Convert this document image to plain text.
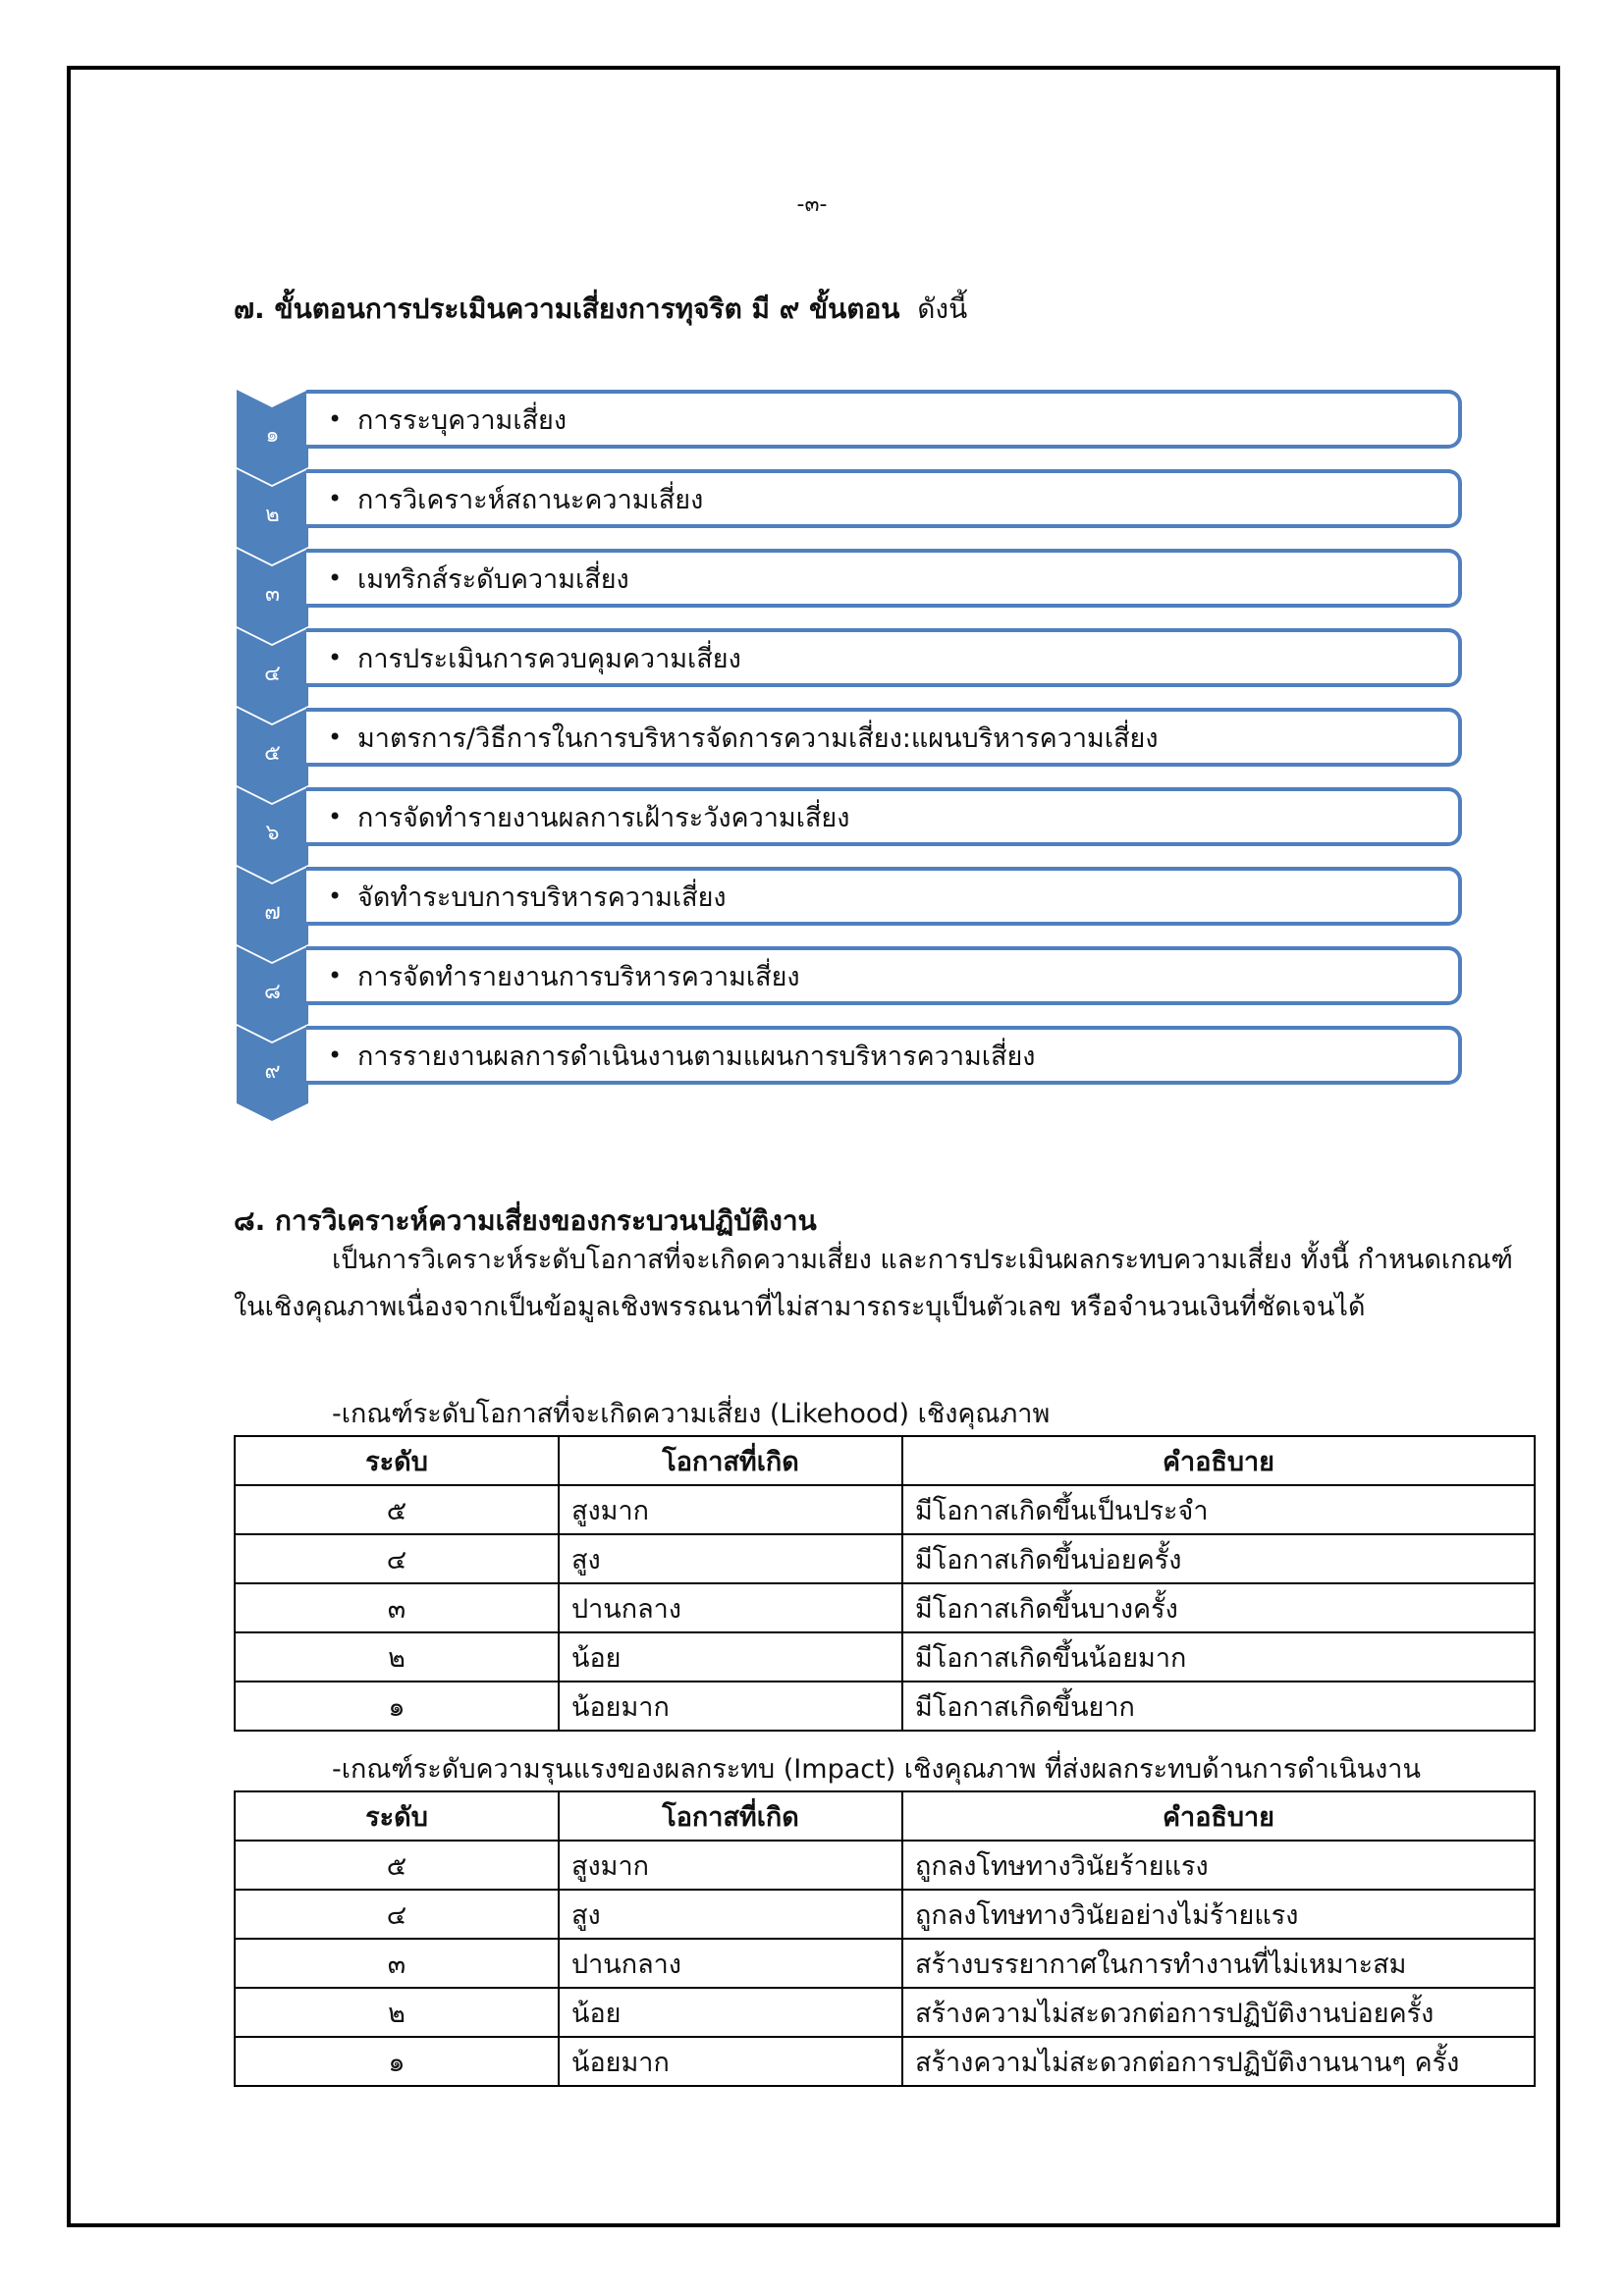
-๓-
๗. ขั้นตอนการประเมินความเสี่ยงการทุจริต มี ๙ ขั้นตอน ดังนี้
๑
• การระบุความเสี่ยง
๒
• การวิเคราะห์สถานะความเสี่ยง
๓
• เมทริกส์ระดับความเสี่ยง
๔
• การประเมินการควบคุมความเสี่ยง
๕
• มาตรการ/วิธีการในการบริหารจัดการความเสี่ยง:แผนบริหารความเสี่ยง
๖
• การจัดทำรายงานผลการเฝ้าระวังความเสี่ยง
๗
• จัดทำระบบการบริหารความเสี่ยง
๘
• การจัดทำรายงานการบริหารความเสี่ยง
๙
• การรายงานผลการดำเนินงานตามแผนการบริหารความเสี่ยง
๘. การวิเคราะห์ความเสี่ยงของกระบวนปฏิบัติงาน
เป็นการวิเคราะห์ระดับโอกาสที่จะเกิดความเสี่ยง และการประเมินผลกระทบความเสี่ยง ทั้งนี้ กำหนดเกณฑ์ในเชิงคุณภาพเนื่องจากเป็นข้อมูลเชิงพรรณนาที่ไม่สามารถระบุเป็นตัวเลข หรือจำนวนเงินที่ชัดเจนได้
-เกณฑ์ระดับโอกาสที่จะเกิดความเสี่ยง (Likehood) เชิงคุณภาพ
ระดับ	โอกาสที่เกิด	คำอธิบาย
๕	สูงมาก	มีโอกาสเกิดขึ้นเป็นประจำ
๔	สูง	มีโอกาสเกิดขึ้นบ่อยครั้ง
๓	ปานกลาง	มีโอกาสเกิดขึ้นบางครั้ง
๒	น้อย	มีโอกาสเกิดขึ้นน้อยมาก
๑	น้อยมาก	มีโอกาสเกิดขึ้นยาก
-เกณฑ์ระดับความรุนแรงของผลกระทบ (Impact) เชิงคุณภาพ ที่ส่งผลกระทบด้านการดำเนินงาน
ระดับ	โอกาสที่เกิด	คำอธิบาย
๕	สูงมาก	ถูกลงโทษทางวินัยร้ายแรง
๔	สูง	ถูกลงโทษทางวินัยอย่างไม่ร้ายแรง
๓	ปานกลาง	สร้างบรรยากาศในการทำงานที่ไม่เหมาะสม
๒	น้อย	สร้างความไม่สะดวกต่อการปฏิบัติงานบ่อยครั้ง
๑	น้อยมาก	สร้างความไม่สะดวกต่อการปฏิบัติงานนานๆ ครั้ง
